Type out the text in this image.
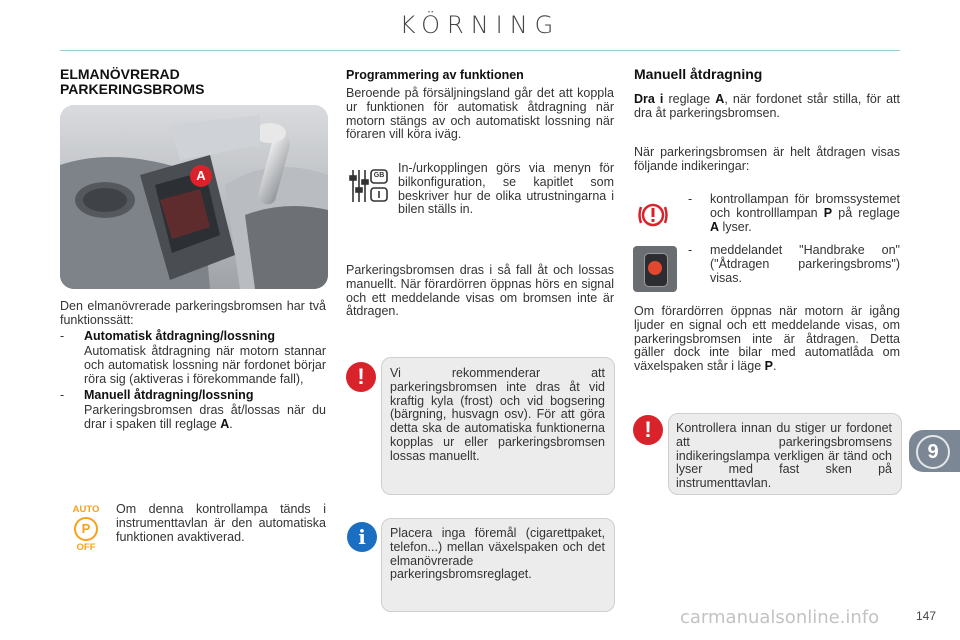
KÖRNING
ELMANÖVRERAD
PARKERINGSBROMS
A

Den elmanövrerade parkeringsbromsen har två funktionssätt:

- Automatisk åtdragning/lossning

Automatisk åtdragning när motorn stannar och automatisk lossning när fordonet börjar röra sig (aktiveras i förekommande fall),

- Manuell åtdragning/lossning

Parkeringsbromsen dras åt/lossas när du drar i spaken till reglage A.

AUTO
P
OFF

Om denna kontrollampa tänds i instrumenttavlan är den automatiska funktionen avaktiverad.

Programmering av funktionen

Beroende på försäljningsland går det att koppla ur funktionen för automatisk åtdragning när motorn stängs av och automatiskt lossning när föraren vill köra iväg.

GB

In-/urkopplingen görs via menyn för bilkonfiguration, se kapitlet som beskriver hur de olika utrustningarna i bilen ställs in.

Parkeringsbromsen dras i så fall åt och lossas manuellt. När förardörren öppnas hörs en signal och ett meddelande visas om bromsen inte är åtdragen.

!	Vi rekommenderar att parkeringsbromsen inte dras åt vid kraftig kyla (frost) och vid bogsering (bärgning, husvagn osv). För att göra detta ska de automatiska funktionerna kopplas ur eller parkeringsbromsen lossas manuellt.

i	Placera inga föremål (cigarettpaket, telefon...) mellan växelspaken och det elmanövrerade parkeringsbromsreglaget.

Manuell åtdragning

Dra i reglage A, när fordonet står stilla, för att dra åt parkeringsbromsen.

När parkeringsbromsen är helt åtdragen visas följande indikeringar:

-	kontrollampan för bromssystemet och kontrolllampan P på reglage A lyser.

-	meddelandet "Handbrake on" ("Åtdragen parkeringsbroms") visas.

Om förardörren öppnas när motorn är igång ljuder en signal och ett meddelande visas, om parkeringsbromsen inte är åtdragen. Detta gäller dock inte bilar med automatlåda om växelspaken står i läge P.

!	Kontrollera innan du stiger ur fordonet att parkeringsbromsens indikeringslampa verkligen är tänd och lyser med fast sken på instrumenttavlan.

9
147
carmanualsonline.info
